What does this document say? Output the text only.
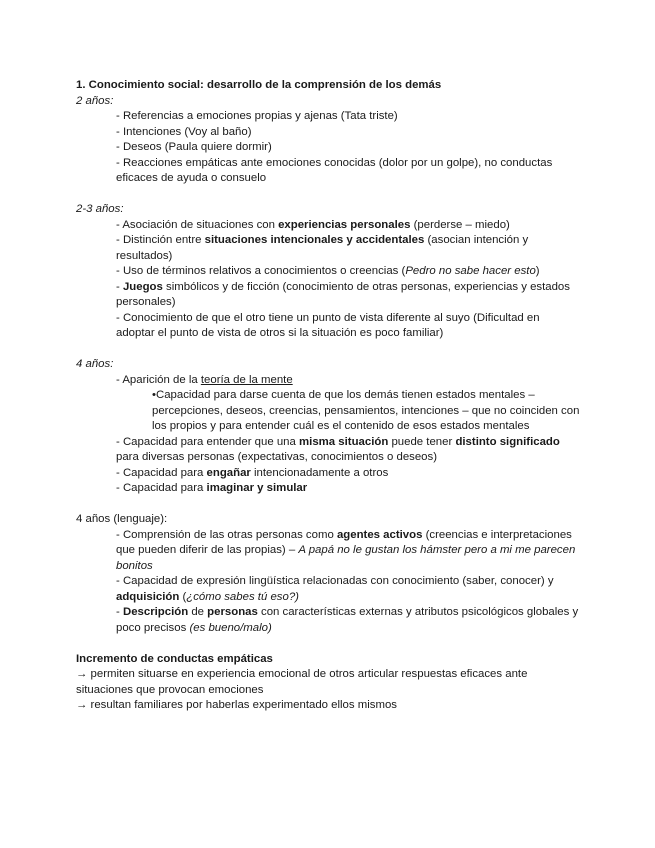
1. Conocimiento social: desarrollo de la comprensión de los demás

2 años:

- Referencias a emociones propias y ajenas (Tata triste)
- Intenciones (Voy al baño)
- Deseos (Paula quiere dormir)
- Reacciones empáticas ante emociones conocidas (dolor por un golpe), no conductas eficaces de ayuda o consuelo

2-3 años:

- Asociación de situaciones con experiencias personales (perderse – miedo)
- Distinción entre situaciones intencionales y accidentales (asocian intención y resultados)
- Uso de términos relativos a conocimientos o creencias (Pedro no sabe hacer esto)
- Juegos simbólicos y de ficción (conocimiento de otras personas, experiencias y estados personales)
- Conocimiento de que el otro tiene un punto de vista diferente al suyo (Dificultad en adoptar el punto de vista de otros si la situación es poco familiar)

4 años:

- Aparición de la teoría de la mente
•Capacidad para darse cuenta de que los demás tienen estados mentales – percepciones, deseos, creencias, pensamientos, intenciones – que no coinciden con los propios y para entender cuál es el contenido de esos estados mentales
- Capacidad para entender que una misma situación puede tener distinto significado para diversas personas (expectativas, conocimientos o deseos)
- Capacidad para engañar intencionadamente a otros
- Capacidad para imaginar y simular

4 años (lenguaje):

- Comprensión de las otras personas como agentes activos (creencias e interpretaciones que pueden diferir de las propias) – A papá no le gustan los hámster pero a mi me parecen bonitos
- Capacidad de expresión lingüística relacionadas con conocimiento (saber, conocer) y adquisición (¿cómo sabes tú eso?)
- Descripción de personas con características externas y atributos psicológicos globales y poco precisos (es bueno/malo)

Incremento de conductas empáticas

→ permiten situarse en experiencia emocional de otros articular respuestas eficaces ante situaciones que provocan emociones

→ resultan familiares por haberlas experimentado ellos mismos
